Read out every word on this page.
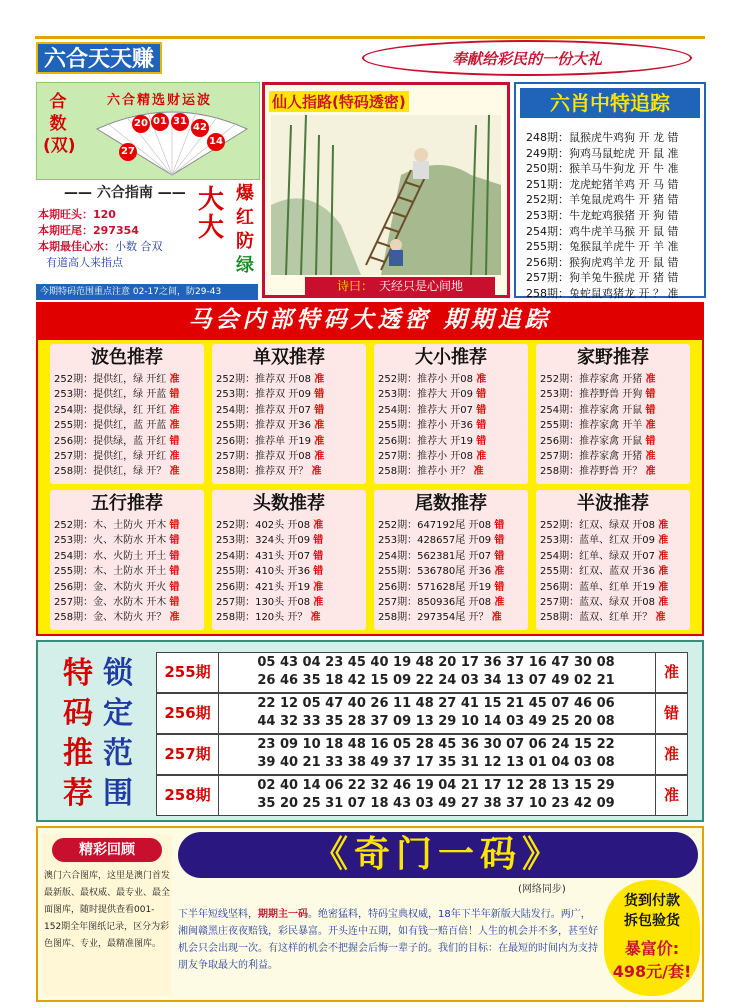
六合天天赚	奉献给彩民的一份大礼
合
数
(双)
六合精选财运波
27
20 01 31
42
14
—— 六合指南 ——
本期旺头：120
本期旺尾：297354
本期最佳心水：小数 合双
有道高人来指点
大
大
爆
红
防
绿
今期特码范围重点注意 02-17之间，防29-43
仙人指路(特码透密)
诗曰：　 天经只是心间地
六肖中特追踪
248期：鼠猴虎牛鸡狗 开 龙 错
249期：狗鸡马鼠蛇虎 开 鼠 准
250期：猴羊马牛狗龙 开 牛 准
251期：龙虎蛇猪羊鸡 开 马 错
252期：羊兔鼠虎鸡牛 开 猪 错
253期：牛龙蛇鸡猴猪 开 狗 错
254期：鸡牛虎羊马猴 开 鼠 错
255期：兔猴鼠羊虎牛 开 羊 准
256期：猴狗虎鸡羊龙 开 鼠 错
257期：狗羊兔牛猴虎 开 猪 错
258期：兔蛇鼠鸡猪龙 开 ？ 准
马会内部特码大透密 期期追踪
波色推荐
252期：提供红，绿 开红 准
253期：提供红，绿 开蓝 错
254期：提供绿，红 开红 准
255期：提供红，蓝 开蓝 准
256期：提供绿，蓝 开红 错
257期：提供红，绿 开红 准
258期：提供红，绿 开？ 准
单双推荐
252期：推荐双 开08 准
253期：推荐双 开09 错
254期：推荐双 开07 错
255期：推荐双 开36 准
256期：推荐单 开19 准
257期：推荐双 开08 准
258期：推荐双 开？ 准
大小推荐
252期：推荐小 开08 准
253期：推荐大 开09 错
254期：推荐大 开07 错
255期：推荐小 开36 错
256期：推荐大 开19 错
257期：推荐小 开08 准
258期：推荐小 开？ 准
家野推荐
252期：推荐家禽 开猪 准
253期：推荐野兽 开狗 错
254期：推荐家禽 开鼠 错
255期：推荐家禽 开羊 准
256期：推荐家禽 开鼠 错
257期：推荐家禽 开猪 准
258期：推荐野兽 开？ 准
五行推荐
252期：木、土防火 开木 错
253期：火、木防水 开木 错
254期：水、火防土 开土 错
255期：木、土防水 开土 错
256期：金、木防火 开火 错
257期：金、水防木 开木 错
258期：金、木防火 开？ 准
头数推荐
252期：402头 开08 准
253期：324头 开09 错
254期：431头 开07 错
255期：410头 开36 错
256期：421头 开19 准
257期：130头 开08 准
258期：120头 开？ 准
尾数推荐
252期：647192尾 开08 错
253期：428657尾 开09 错
254期：562381尾 开07 错
255期：536780尾 开36 准
256期：571628尾 开19 错
257期：850936尾 开08 准
258期：297354尾 开？ 准
半波推荐
252期：红双、绿双 开08 准
253期：蓝单、红双 开09 准
254期：红单、绿双 开07 准
255期：红双、蓝双 开36 准
256期：蓝单、红单 开19 准
257期：蓝双、绿双 开08 准
258期：蓝双、红单 开？ 准
特
码
推
荐
锁
定
范
围
255期
05 43 04 23 45 40 19 48 20 17 36 37 16 47 30 08
26 46 35 18 42 15 09 22 24 03 34 13 07 49 02 21	准
256期
22 12 05 47 40 26 11 48 27 41 15 21 45 07 46 06
44 32 33 35 28 37 09 13 29 10 14 03 49 25 20 08	错
257期
23 09 10 18 48 16 05 28 45 36 30 07 06 24 15 22
39 40 21 33 38 49 37 17 35 31 12 13 01 04 03 08	准
258期
02 40 14 06 22 32 46 19 04 21 17 12 28 13 15 29
35 20 25 31 07 18 43 03 49 27 38 37 10 23 42 09	准
精彩回顾
澳门六合图库，这里是澳门首发最新版、最权威、最专业、最全面图库，随时提供查看001-152期全年图纸记录，区分为彩色图库、专业，最精准图库。
《奇门一码》
(网络同步)
下半年短线坚料，期期主一码。绝密猛料，特码宝典权威，18年下半年新版大陆发行。两广，湘闽赣黑庄夜夜赔钱，彩民暴富。开头连中五期，如有钱一赔百倍！人生的机会并不多，甚至好机会只会出现一次。有这样的机会不把握会后悔一辈子的。我们的目标：在最短的时间内为支持朋友争取最大的利益。
货到付款
拆包验货
暴富价:
498元/套!
